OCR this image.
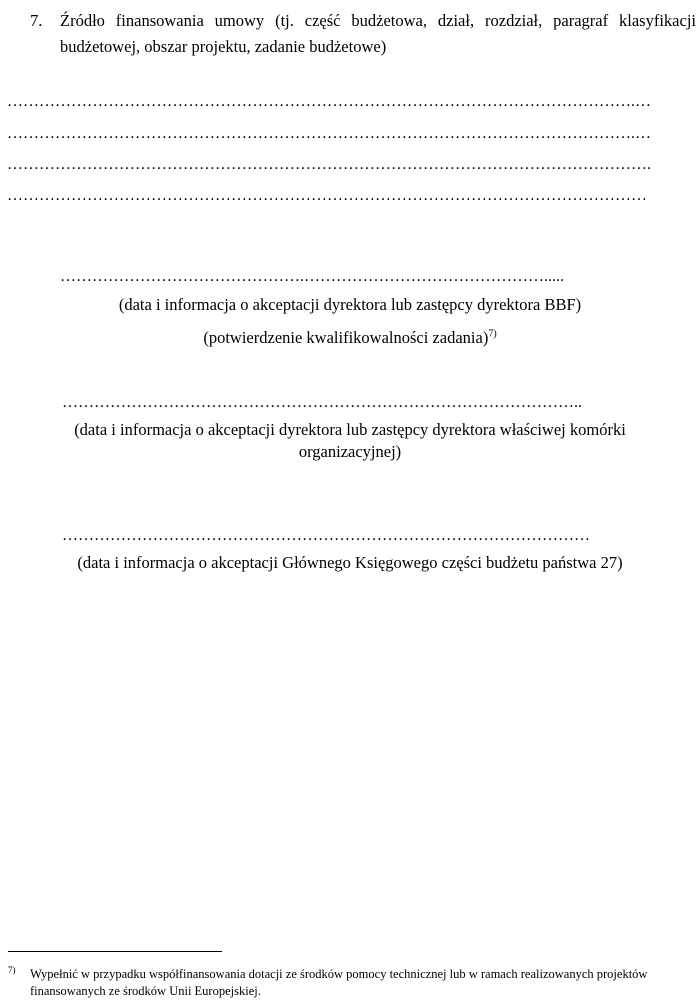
7.	Źródło finansowania umowy (tj. część budżetowa, dział, rozdział, paragraf klasyfikacji budżetowej, obszar projektu, zadanie budżetowe)
……………………………………………………………………………………………………….…
……………………………………………………………………………………………………….…
………………………………………………………………………………………………………….
…………………………………………………………………………………………………………
……………………………………….……………………………………….....
(data i informacja o akceptacji dyrektora lub zastępcy dyrektora BBF)
(potwierdzenie kwalifikowalności zadania)$^{7)}$
……………………………………………………………………………………..
(data i informacja o akceptacji dyrektora lub zastępcy dyrektora właściwej komórki organizacyjnej)
………………………………………………………………………………………
(data i informacja o akceptacji Głównego Księgowego części budżetu państwa 27)
7) Wypełnić w przypadku współfinansowania dotacji ze środków pomocy technicznej lub w ramach realizowanych projektów finansowanych ze środków Unii Europejskiej.
